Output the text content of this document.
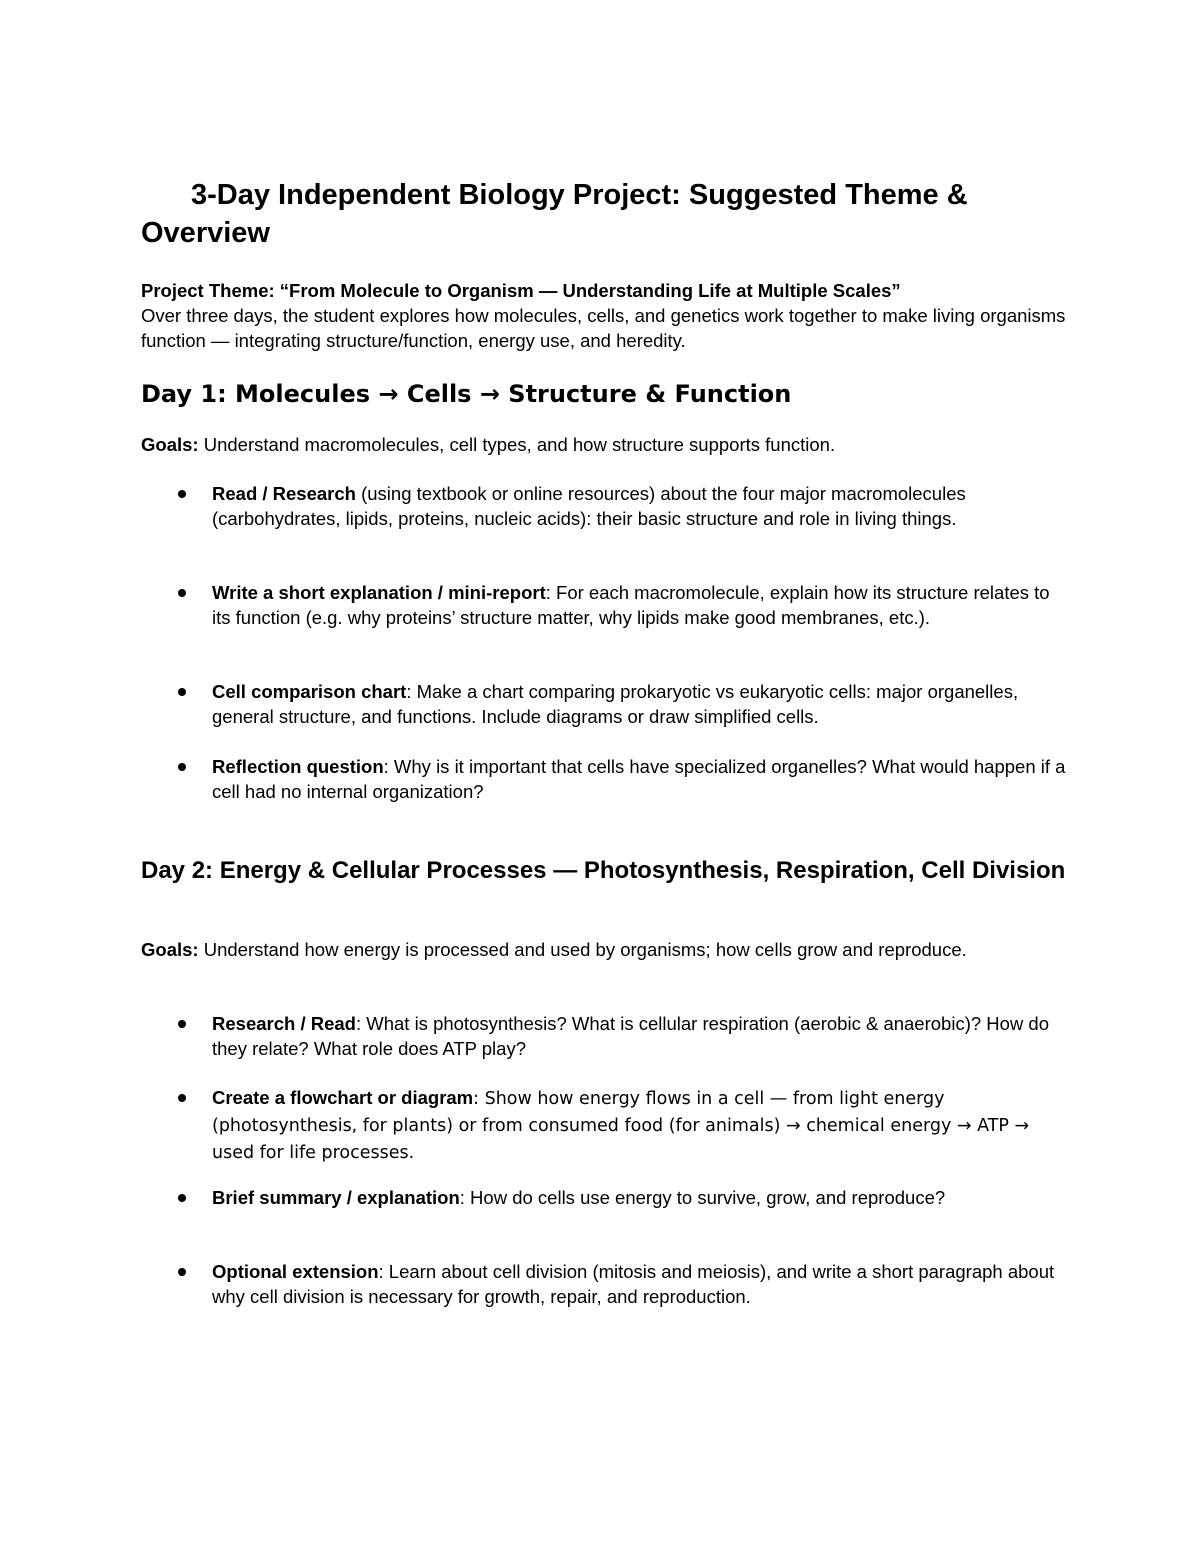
3-Day Independent Biology Project: Suggested Theme & Overview
Project Theme: “From Molecule to Organism — Understanding Life at Multiple Scales”
Over three days, the student explores how molecules, cells, and genetics work together to make living organisms function — integrating structure/function, energy use, and heredity.
Day 1: Molecules → Cells → Structure & Function

Goals: Understand macromolecules, cell types, and how structure supports function.

Read / Research (using textbook or online resources) about the four major macromolecules (carbohydrates, lipids, proteins, nucleic acids): their basic structure and role in living things.
Write a short explanation / mini-report: For each macromolecule, explain how its structure relates to its function (e.g. why proteins’ structure matter, why lipids make good membranes, etc.).
Cell comparison chart: Make a chart comparing prokaryotic vs eukaryotic cells: major organelles, general structure, and functions. Include diagrams or draw simplified cells.
Reflection question: Why is it important that cells have specialized organelles? What would happen if a cell had no internal organization?
Day 2: Energy & Cellular Processes — Photosynthesis, Respiration, Cell Division

Goals: Understand how energy is processed and used by organisms; how cells grow and reproduce.

Research / Read: What is photosynthesis? What is cellular respiration (aerobic & anaerobic)? How do they relate? What role does ATP play?
Create a flowchart or diagram: Show how energy flows in a cell — from light energy (photosynthesis, for plants) or from consumed food (for animals) → chemical energy → ATP → used for life processes.
Brief summary / explanation: How do cells use energy to survive, grow, and reproduce?
Optional extension: Learn about cell division (mitosis and meiosis), and write a short paragraph about why cell division is necessary for growth, repair, and reproduction.
